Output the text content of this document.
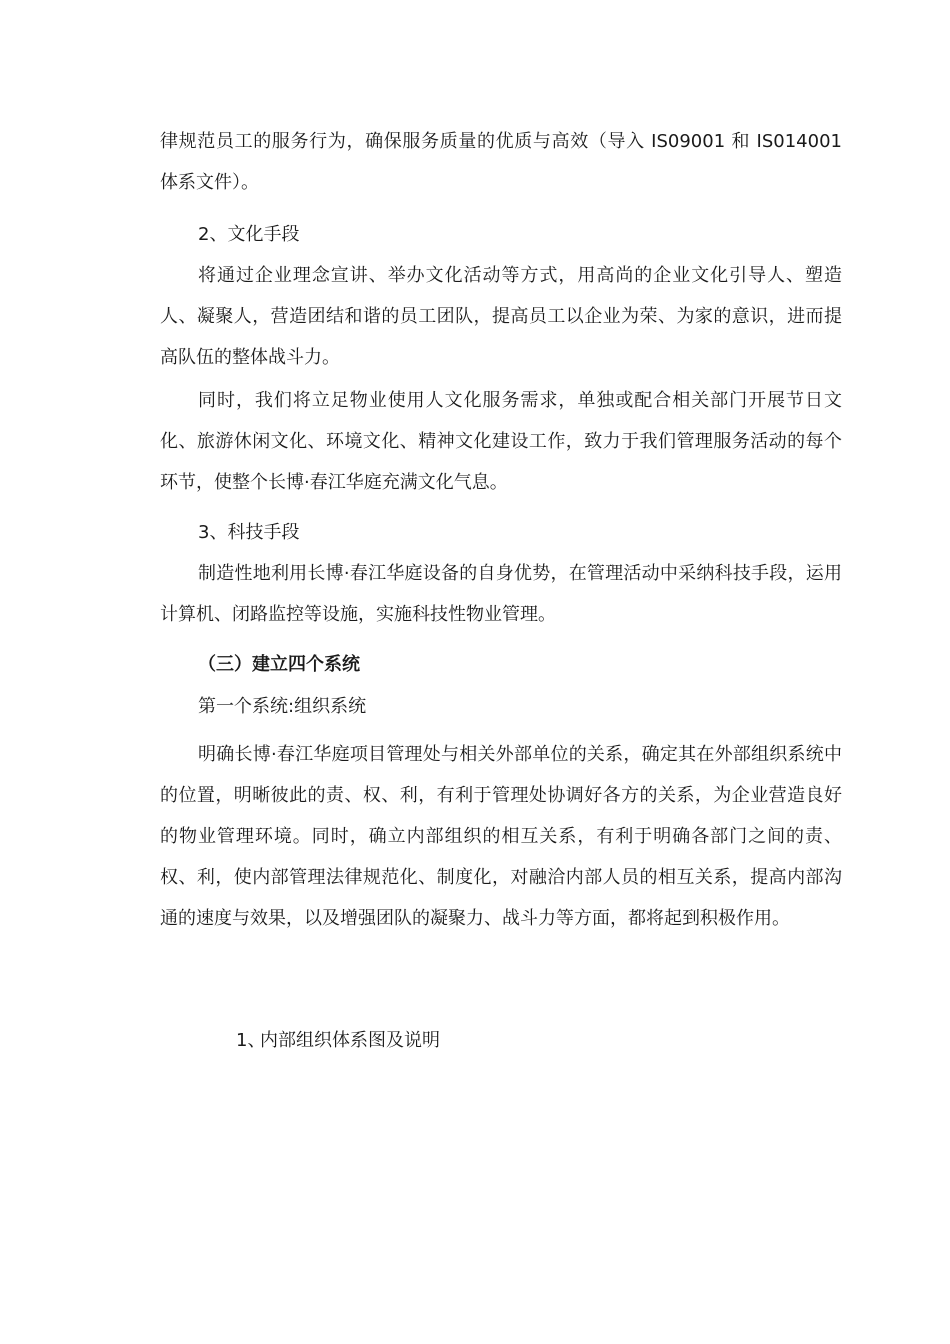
律规范员工的服务行为，确保服务质量的优质与高效（导入 IS09001 和 IS014001 体系文件）。

2、文化手段

将通过企业理念宣讲、举办文化活动等方式，用高尚的企业文化引导人、塑造人、凝聚人，营造团结和谐的员工团队，提高员工以企业为荣、为家的意识，进而提高队伍的整体战斗力。

同时，我们将立足物业使用人文化服务需求，单独或配合相关部门开展节日文化、旅游休闲文化、环境文化、精神文化建设工作，致力于我们管理服务活动的每个环节，使整个长博·春江华庭充满文化气息。

3、科技手段

制造性地利用长博·春江华庭设备的自身优势，在管理活动中采纳科技手段，运用计算机、闭路监控等设施，实施科技性物业管理。

（三）建立四个系统

第一个系统:组织系统

明确长博·春江华庭项目管理处与相关外部单位的关系，确定其在外部组织系统中的位置，明晰彼此的责、权、利，有利于管理处协调好各方的关系，为企业营造良好的物业管理环境。同时，确立内部组织的相互关系，有利于明确各部门之间的责、权、利，使内部管理法律规范化、制度化，对融洽内部人员的相互关系，提高内部沟通的速度与效果，以及增强团队的凝聚力、战斗力等方面，都将起到积极作用。

1、内部组织体系图及说明
